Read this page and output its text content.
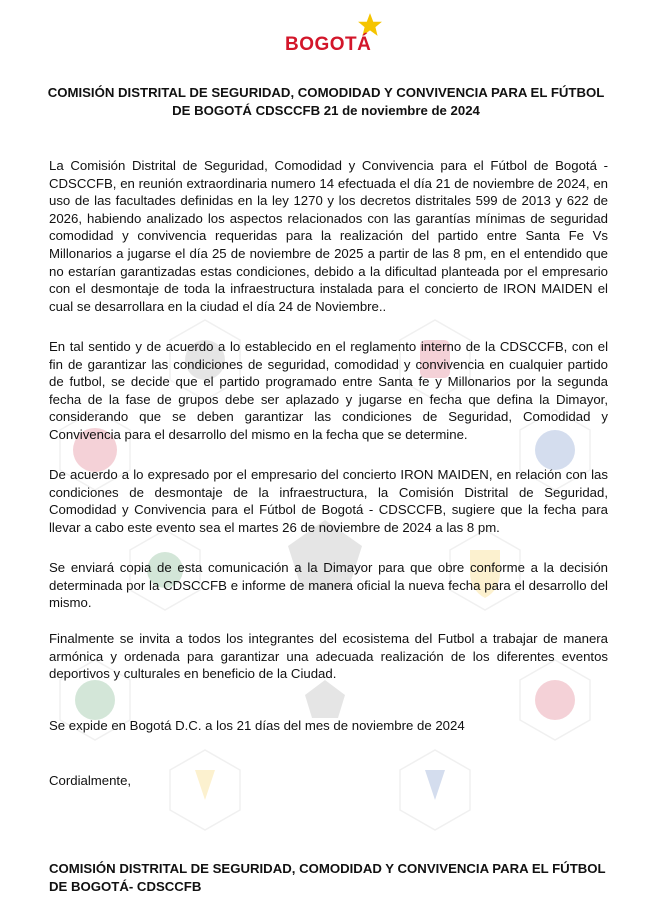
BOGOTÁ
COMISIÓN DISTRITAL DE SEGURIDAD, COMODIDAD Y CONVIVENCIA PARA EL FÚTBOL
DE BOGOTÁ CDSCCFB 21 de noviembre de 2024

La Comisión Distrital de Seguridad, Comodidad y Convivencia para el Fútbol de Bogotá - CDSCCFB, en reunión extraordinaria numero 14 efectuada el día 21 de noviembre de 2024, en uso de las facultades definidas en la ley 1270 y los decretos distritales 599 de 2013 y 622 de 2026, habiendo analizado los aspectos relacionados con las garantías mínimas de seguridad comodidad y convivencia requeridas para la realización del partido entre Santa Fe Vs Millonarios a jugarse el día 25 de noviembre de 2025 a partir de las 8 pm, en el entendido que no estarían garantizadas estas condiciones, debido a la dificultad planteada por el empresario con el desmontaje de toda la infraestructura instalada para el concierto de IRON MAIDEN el cual se desarrollara en la ciudad el día 24 de Noviembre..

En tal sentido y de acuerdo a lo establecido en el reglamento interno de la CDSCCFB, con el fin de garantizar las condiciones de seguridad, comodidad y convivencia en cualquier partido de futbol, se decide que el partido programado entre Santa fe y Millonarios por la segunda fecha de la fase de grupos debe ser aplazado y jugarse en fecha que defina la Dimayor, considerando que se deben garantizar las condiciones de Seguridad, Comodidad y Convivencia para el desarrollo del mismo en la fecha que se determine.

De acuerdo a lo expresado por el empresario del concierto IRON MAIDEN, en relación con las condiciones de desmontaje de la infraestructura, la Comisión Distrital de Seguridad, Comodidad y Convivencia para el Fútbol de Bogotá - CDSCCFB, sugiere que la fecha para llevar a cabo este evento sea el martes 26 de noviembre de 2024 a las 8 pm.

Se enviará copia de esta comunicación a la Dimayor para que obre conforme a la decisión determinada por la CDSCCFB e informe de manera oficial la nueva fecha para el desarrollo del mismo.

Finalmente se invita a todos los integrantes del ecosistema del Futbol a trabajar de manera armónica y ordenada para garantizar una adecuada realización de los diferentes eventos deportivos y culturales en beneficio de la Ciudad.

Se expide en Bogotá D.C. a los 21 días del mes de noviembre de 2024
Cordialmente,
COMISIÓN DISTRITAL DE SEGURIDAD, COMODIDAD Y CONVIVENCIA PARA EL FÚTBOL
DE BOGOTÁ- CDSCCFB
